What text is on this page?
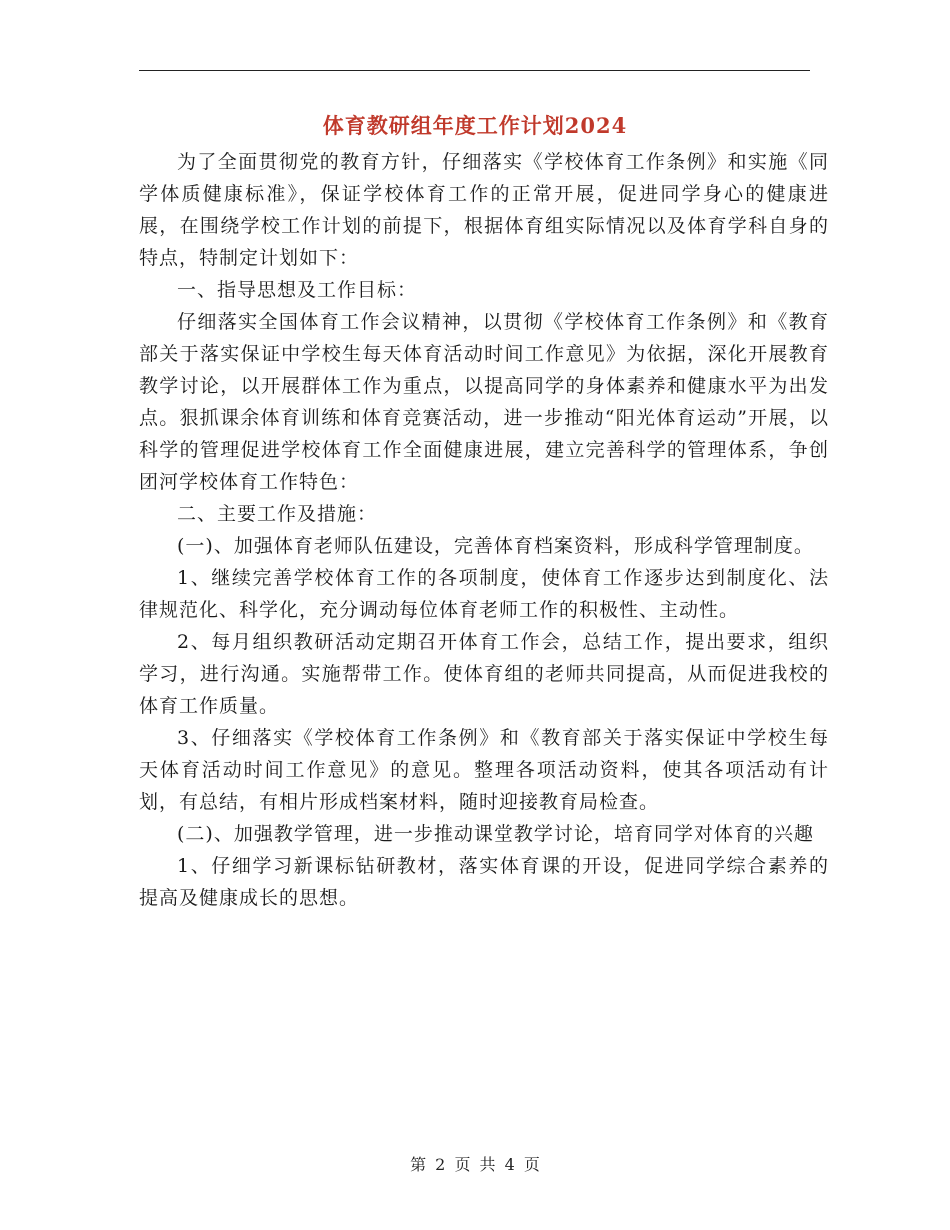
体育教研组年度工作计划2024

为了全面贯彻党的教育方针，仔细落实《学校体育工作条例》和实施《同学体质健康标准》，保证学校体育工作的正常开展，促进同学身心的健康进展，在围绕学校工作计划的前提下，根据体育组实际情况以及体育学科自身的特点，特制定计划如下：

一、指导思想及工作目标：

仔细落实全国体育工作会议精神，以贯彻《学校体育工作条例》和《教育部关于落实保证中学校生每天体育活动时间工作意见》为依据，深化开展教育教学讨论，以开展群体工作为重点，以提高同学的身体素养和健康水平为出发点。狠抓课余体育训练和体育竞赛活动，进一步推动“阳光体育运动”开展，以科学的管理促进学校体育工作全面健康进展，建立完善科学的管理体系，争创团河学校体育工作特色：

二、主要工作及措施：

(一)、加强体育老师队伍建设，完善体育档案资料，形成科学管理制度。

1、继续完善学校体育工作的各项制度，使体育工作逐步达到制度化、法律规范化、科学化，充分调动每位体育老师工作的积极性、主动性。

2、每月组织教研活动定期召开体育工作会，总结工作，提出要求，组织学习，进行沟通。实施帮带工作。使体育组的老师共同提高，从而促进我校的体育工作质量。

3、仔细落实《学校体育工作条例》和《教育部关于落实保证中学校生每天体育活动时间工作意见》的意见。整理各项活动资料，使其各项活动有计划，有总结，有相片形成档案材料，随时迎接教育局检查。

(二)、加强教学管理，进一步推动课堂教学讨论，培育同学对体育的兴趣

1、仔细学习新课标钻研教材，落实体育课的开设，促进同学综合素养的提高及健康成长的思想。

第 2 页 共 4 页
